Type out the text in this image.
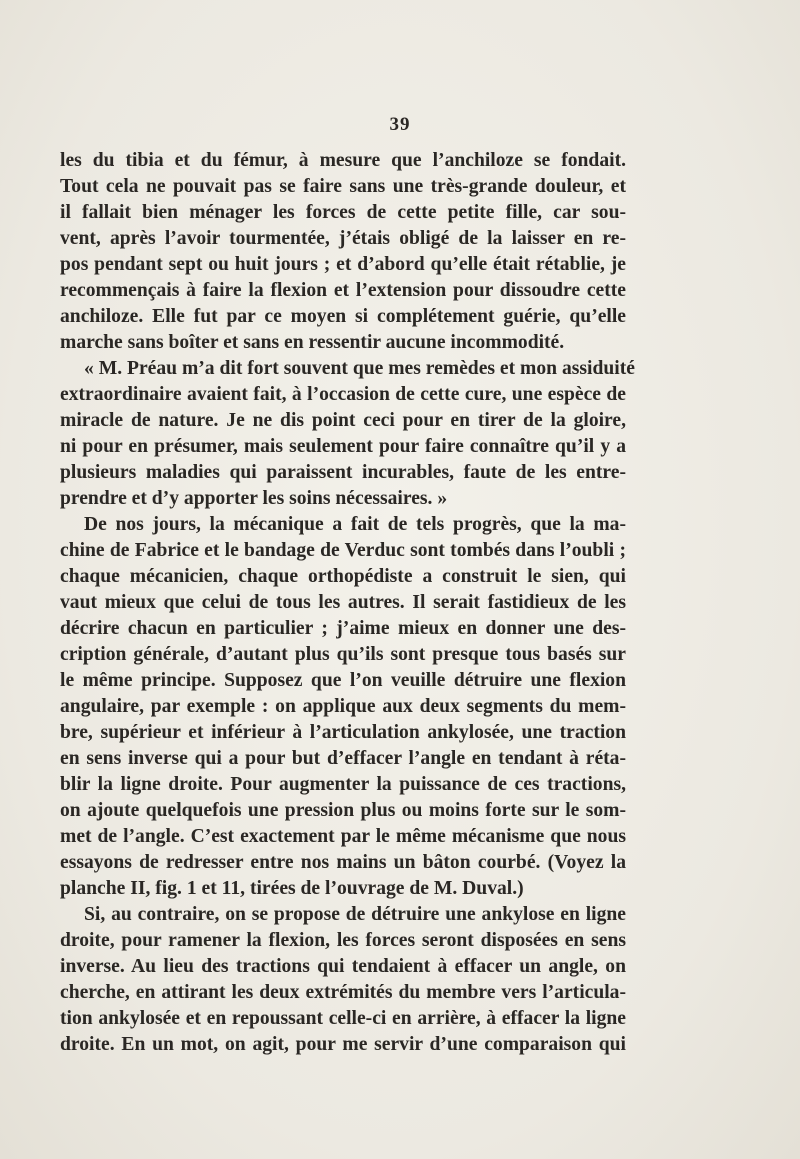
39
les du tibia et du fémur, à mesure que l’anchiloze se fondait.
Tout cela ne pouvait pas se faire sans une très-grande douleur, et
il fallait bien ménager les forces de cette petite fille, car sou-
vent, après l’avoir tourmentée, j’étais obligé de la laisser en re-
pos pendant sept ou huit jours ; et d’abord qu’elle était rétablie, je
recommençais à faire la flexion et l’extension pour dissoudre cette
anchiloze. Elle fut par ce moyen si complétement guérie, qu’elle
marche sans boîter et sans en ressentir aucune incommodité.
« M. Préau m’a dit fort souvent que mes remèdes et mon assiduité
extraordinaire avaient fait, à l’occasion de cette cure, une espèce de
miracle de nature. Je ne dis point ceci pour en tirer de la gloire,
ni pour en présumer, mais seulement pour faire connaître qu’il y a
plusieurs maladies qui paraissent incurables, faute de les entre-
prendre et d’y apporter les soins nécessaires. »
De nos jours, la mécanique a fait de tels progrès, que la ma-
chine de Fabrice et le bandage de Verduc sont tombés dans l’oubli ;
chaque mécanicien, chaque orthopédiste a construit le sien, qui
vaut mieux que celui de tous les autres. Il serait fastidieux de les
décrire chacun en particulier ; j’aime mieux en donner une des-
cription générale, d’autant plus qu’ils sont presque tous basés sur
le même principe. Supposez que l’on veuille détruire une flexion
angulaire, par exemple : on applique aux deux segments du mem-
bre, supérieur et inférieur à l’articulation ankylosée, une traction
en sens inverse qui a pour but d’effacer l’angle en tendant à réta-
blir la ligne droite. Pour augmenter la puissance de ces tractions,
on ajoute quelquefois une pression plus ou moins forte sur le som-
met de l’angle. C’est exactement par le même mécanisme que nous
essayons de redresser entre nos mains un bâton courbé. (Voyez la
planche II, fig. 1 et 11, tirées de l’ouvrage de M. Duval.)
Si, au contraire, on se propose de détruire une ankylose en ligne
droite, pour ramener la flexion, les forces seront disposées en sens
inverse. Au lieu des tractions qui tendaient à effacer un angle, on
cherche, en attirant les deux extrémités du membre vers l’articula-
tion ankylosée et en repoussant celle-ci en arrière, à effacer la ligne
droite. En un mot, on agit, pour me servir d’une comparaison qui
